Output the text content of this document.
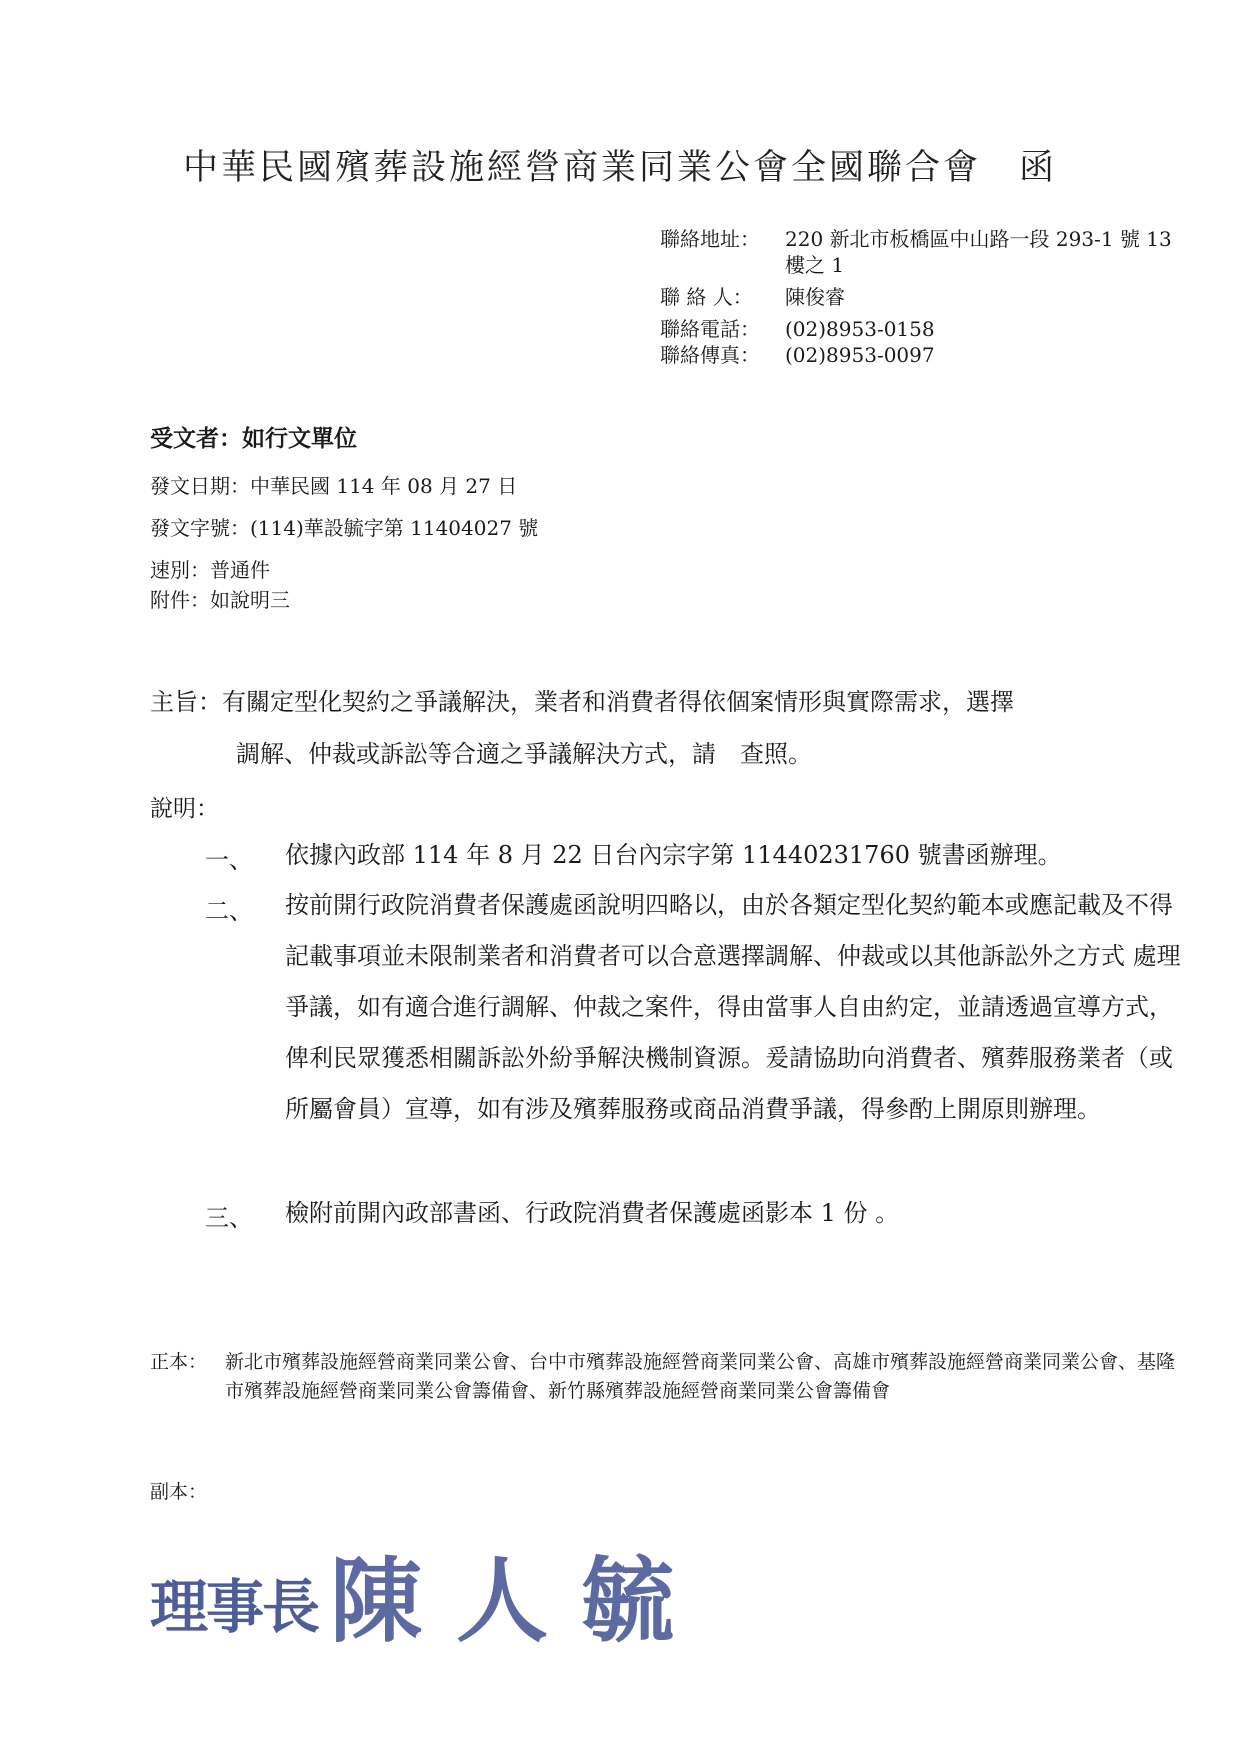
中華民國殯葬設施經營商業同業公會全國聯合會　函
聯絡地址：	220 新北市板橋區中山路一段 293-1 號 13 樓之 1
聯 絡 人：	陳俊睿
聯絡電話：	(02)8953-0158
聯絡傳真：	(02)8953-0097
受文者：如行文單位
發文日期：中華民國 114 年 08 月 27 日
發文字號：(114)華設毓字第 11404027 號
速別：普通件
附件：如說明三
主旨：有關定型化契約之爭議解決，業者和消費者得依個案情形與實際需求，選擇
調解、仲裁或訴訟等合適之爭議解決方式，請　查照。
說明：
一、	依據內政部 114 年 8 月 22 日台內宗字第 11440231760 號書函辦理。
二、	按前開行政院消費者保護處函說明四略以，由於各類定型化契約範本或應記載及不得記載事項並未限制業者和消費者可以合意選擇調解、仲裁或以其他訴訟外之方式 處理爭議，如有適合進行調解、仲裁之案件，得由當事人自由約定，並請透過宣導方式，俾利民眾獲悉相關訴訟外紛爭解決機制資源。爰請協助向消費者、殯葬服務業者（或所屬會員）宣導，如有涉及殯葬服務或商品消費爭議，得參酌上開原則辦理。
三、	檢附前開內政部書函、行政院消費者保護處函影本 1 份 。
正本： 新北市殯葬設施經營商業同業公會、台中市殯葬設施經營商業同業公會、高雄市殯葬設施經營商業同業公會、基隆市殯葬設施經營商業同業公會籌備會、新竹縣殯葬設施經營商業同業公會籌備會
副本：
理事長 陳人毓
